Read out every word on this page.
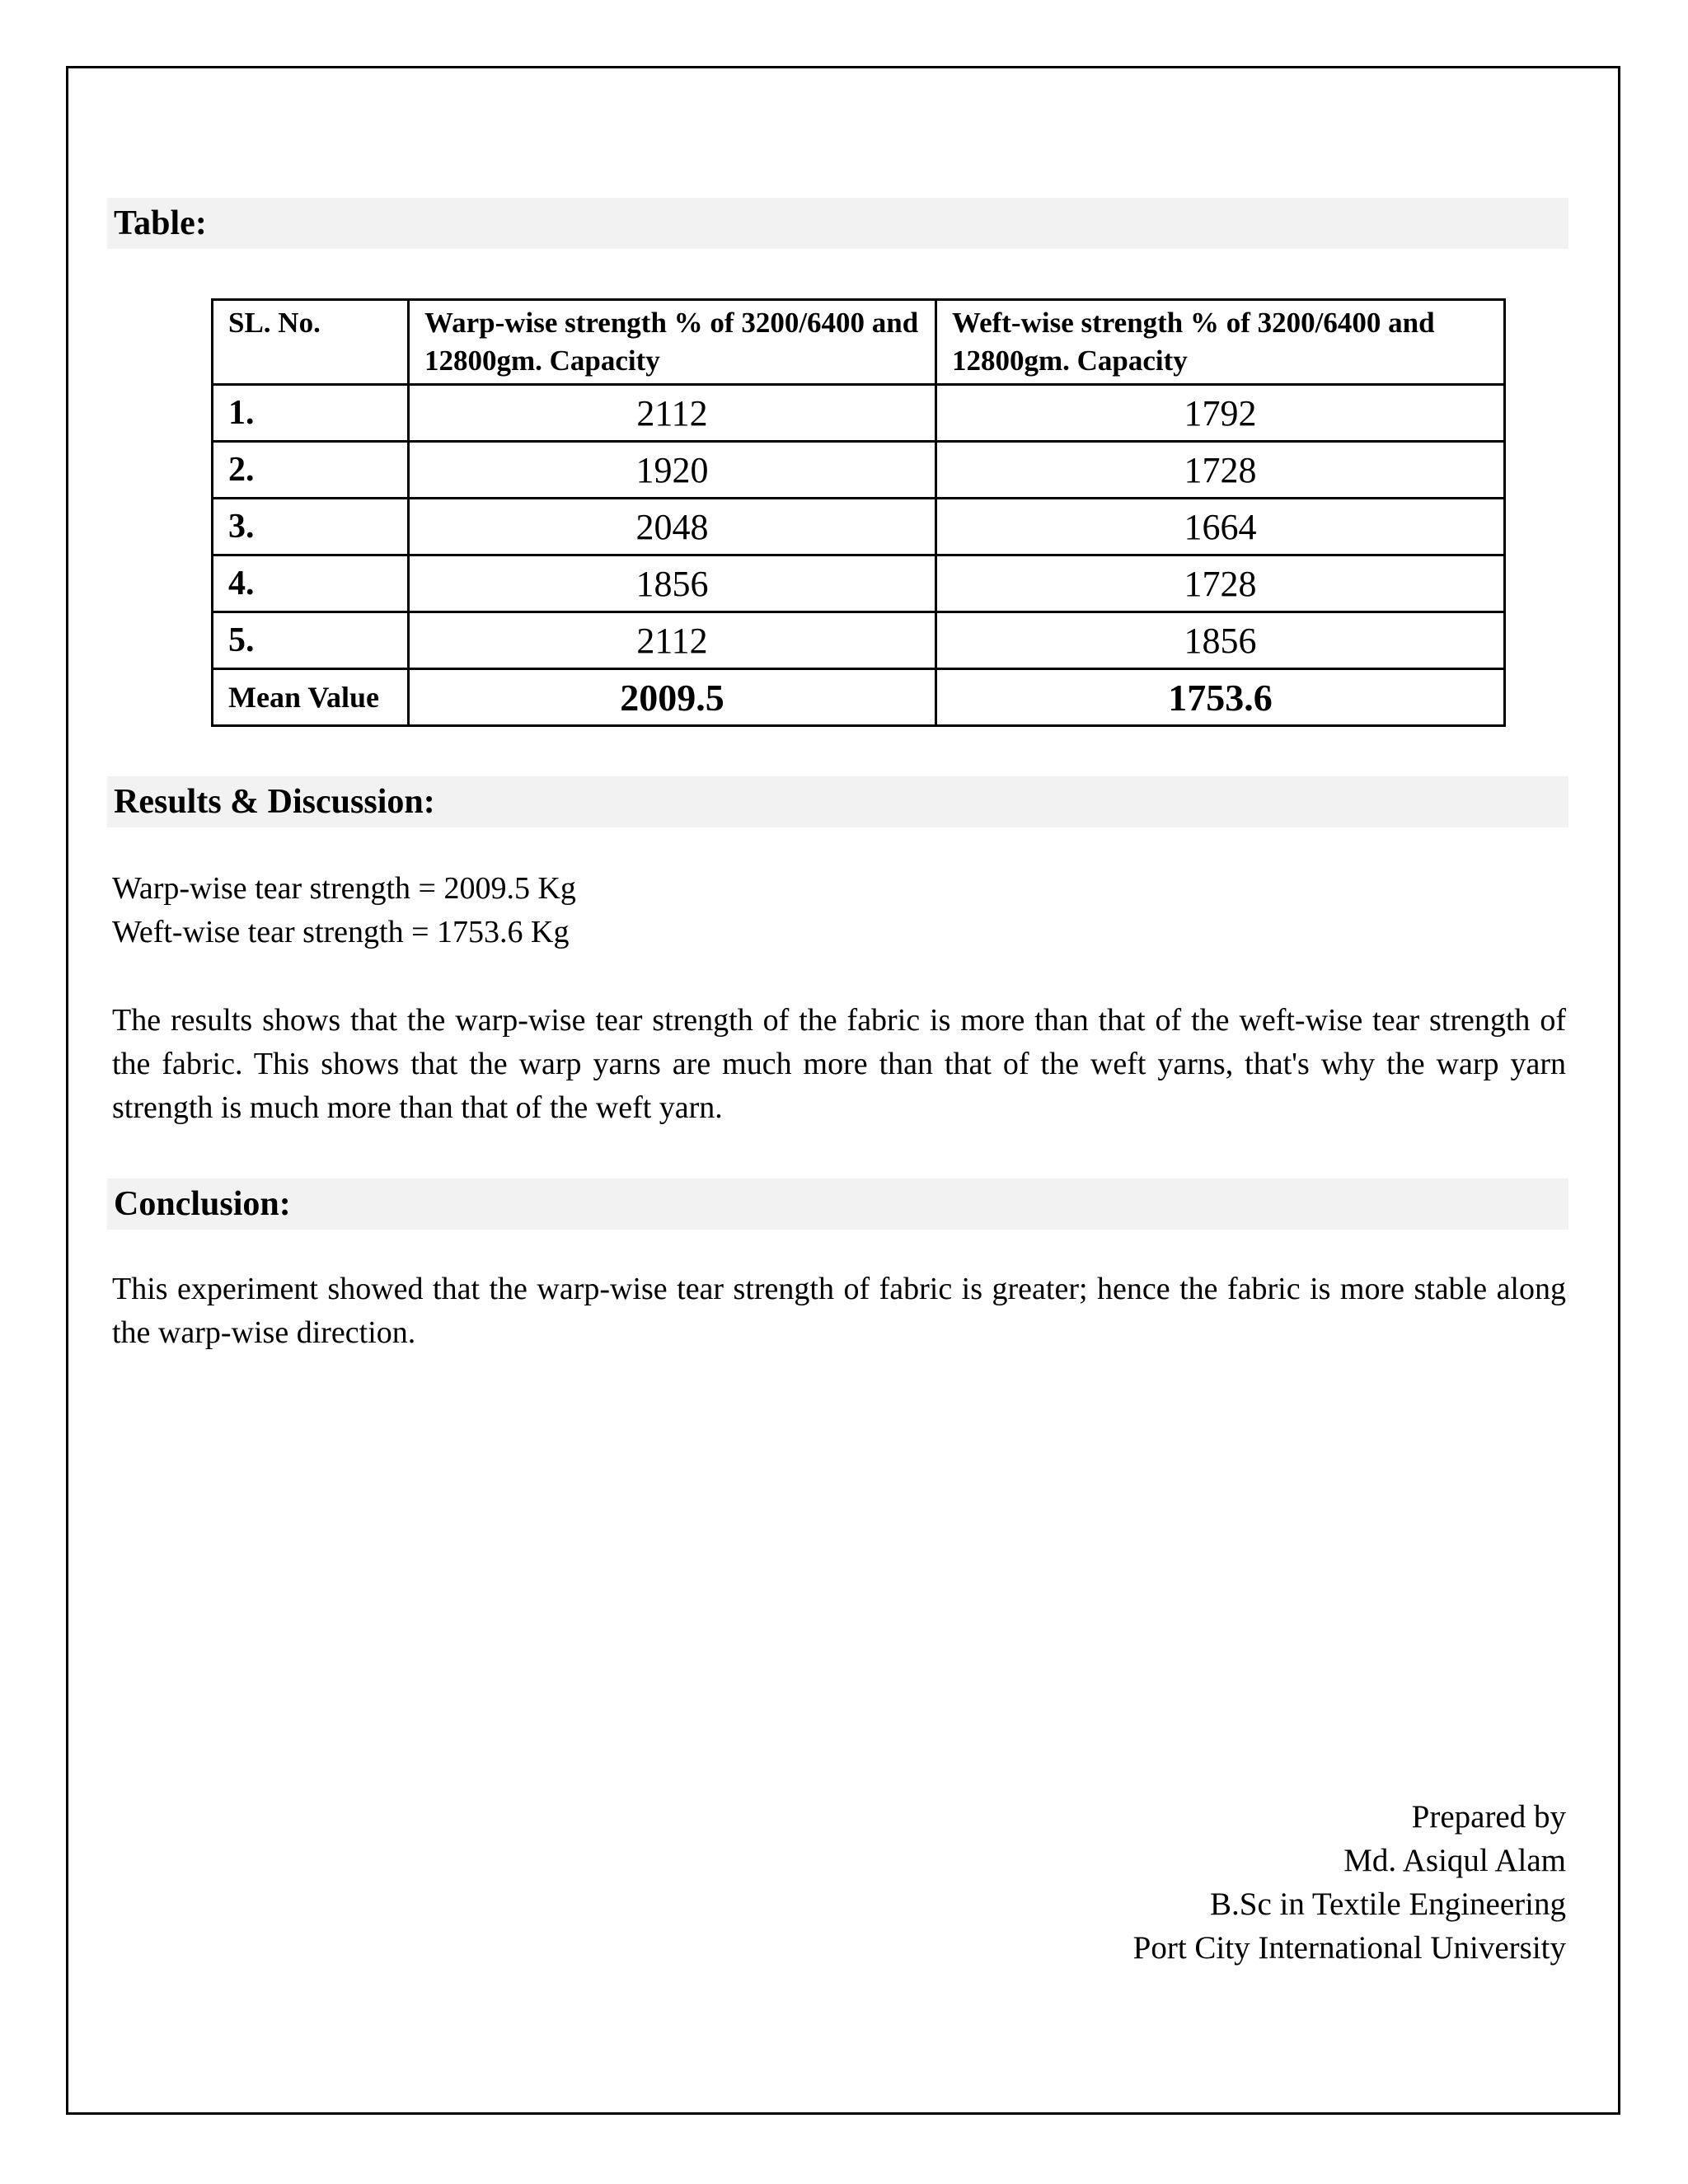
Table:
SL. No.	Warp-wise strength % of 3200/6400 and 12800gm. Capacity	Weft-wise strength % of 3200/6400 and 12800gm. Capacity
1.	2112	1792
2.	1920	1728
3.	2048	1664
4.	1856	1728
5.	2112	1856
Mean Value	2009.5	1753.6
Results & Discussion:
Warp-wise tear strength = 2009.5 Kg
Weft-wise tear strength = 1753.6 Kg
The results shows that the warp-wise tear strength of the fabric is more than that of the weft-wise tear strength of the fabric. This shows that the warp yarns are much more than that of the weft yarns, that's why the warp yarn strength is much more than that of the weft yarn.
Conclusion:
This experiment showed that the warp-wise tear strength of fabric is greater; hence the fabric is more stable along the warp-wise direction.
Prepared by
Md. Asiqul Alam
B.Sc in Textile Engineering
Port City International University
